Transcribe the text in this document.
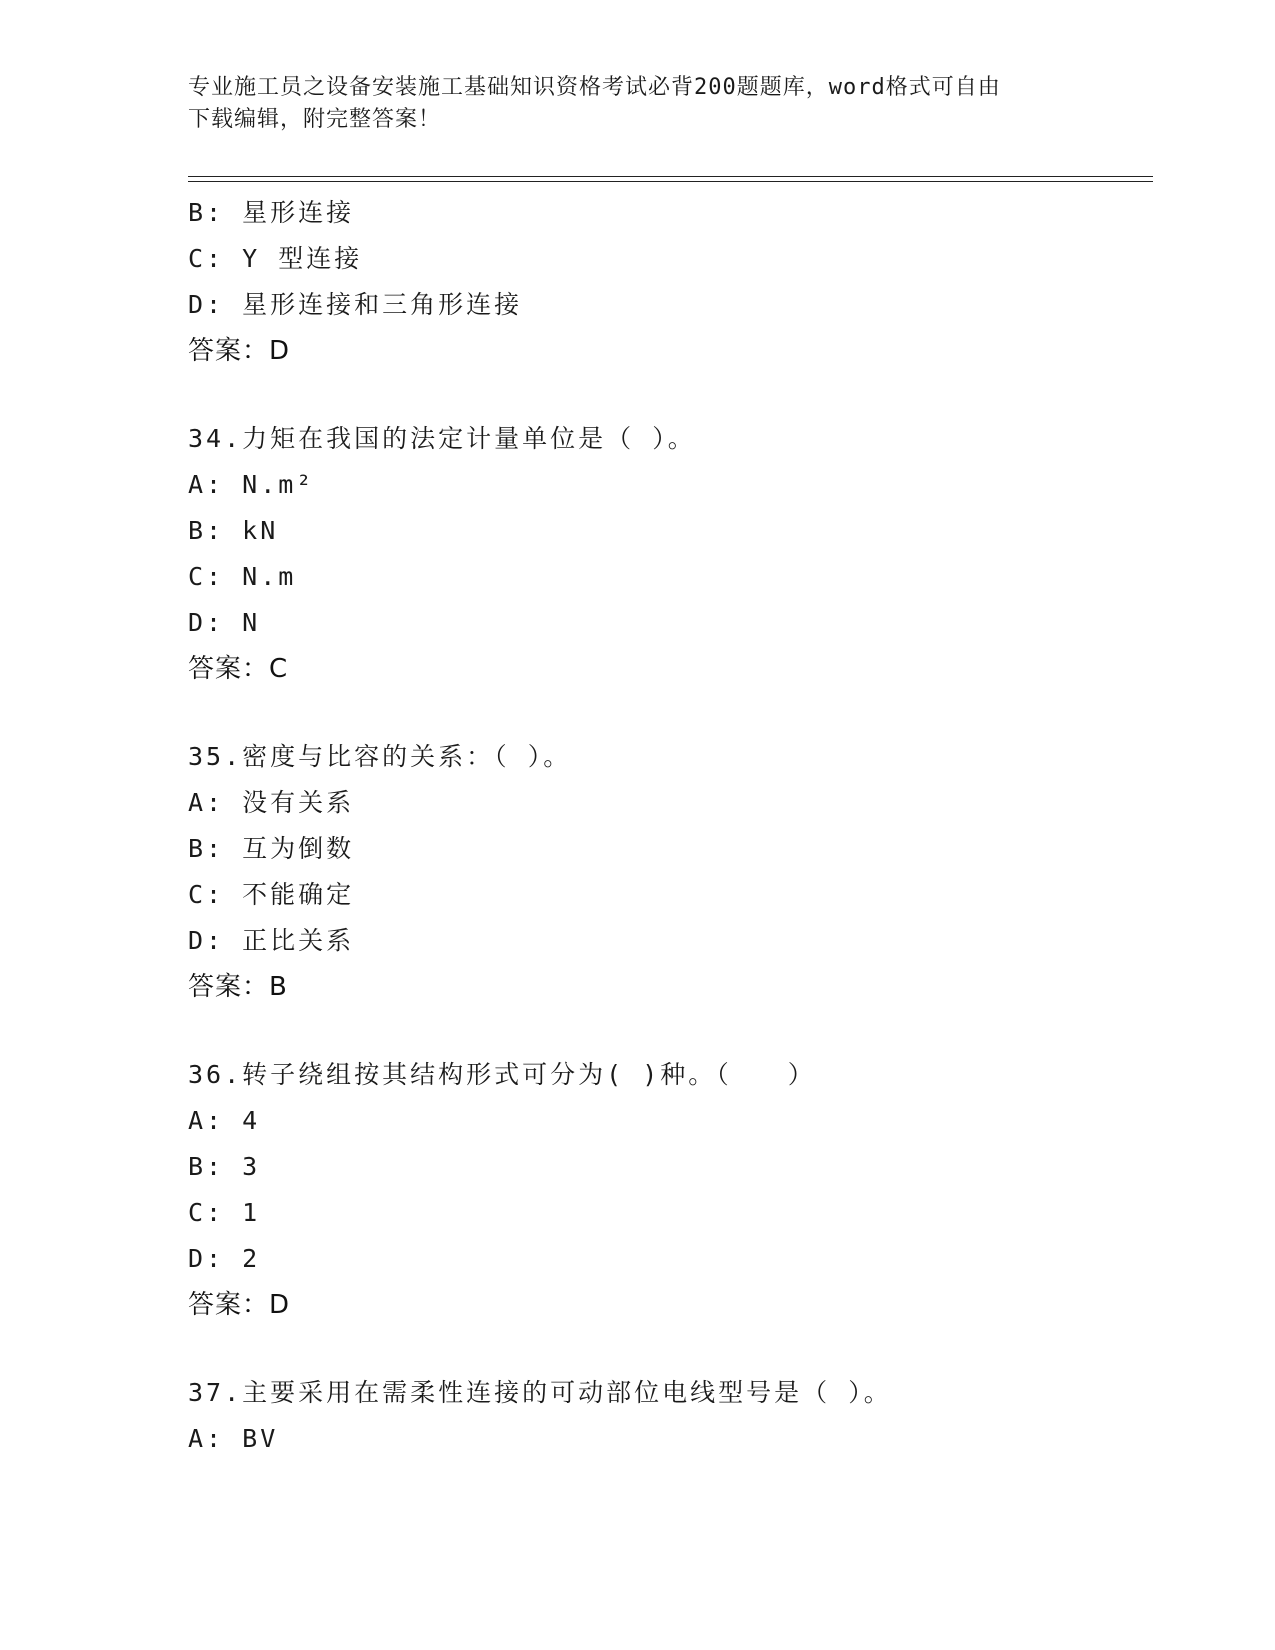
专业施工员之设备安装施工基础知识资格考试必背200题题库，word格式可自由
下载编辑，附完整答案！
B: 星形连接
C: Y 型连接
D: 星形连接和三角形连接
答案：D
34.力矩在我国的法定计量单位是（ ）。
A: N.m²
B: kN
C: N.m
D: N
答案：C
35.密度与比容的关系：（ ）。
A: 没有关系
B: 互为倒数
C: 不能确定
D: 正比关系
答案：B
36.转子绕组按其结构形式可分为( )种。（　　）
A: 4
B: 3
C: 1
D: 2
答案：D
37.主要采用在需柔性连接的可动部位电线型号是（ ）。
A: BV
